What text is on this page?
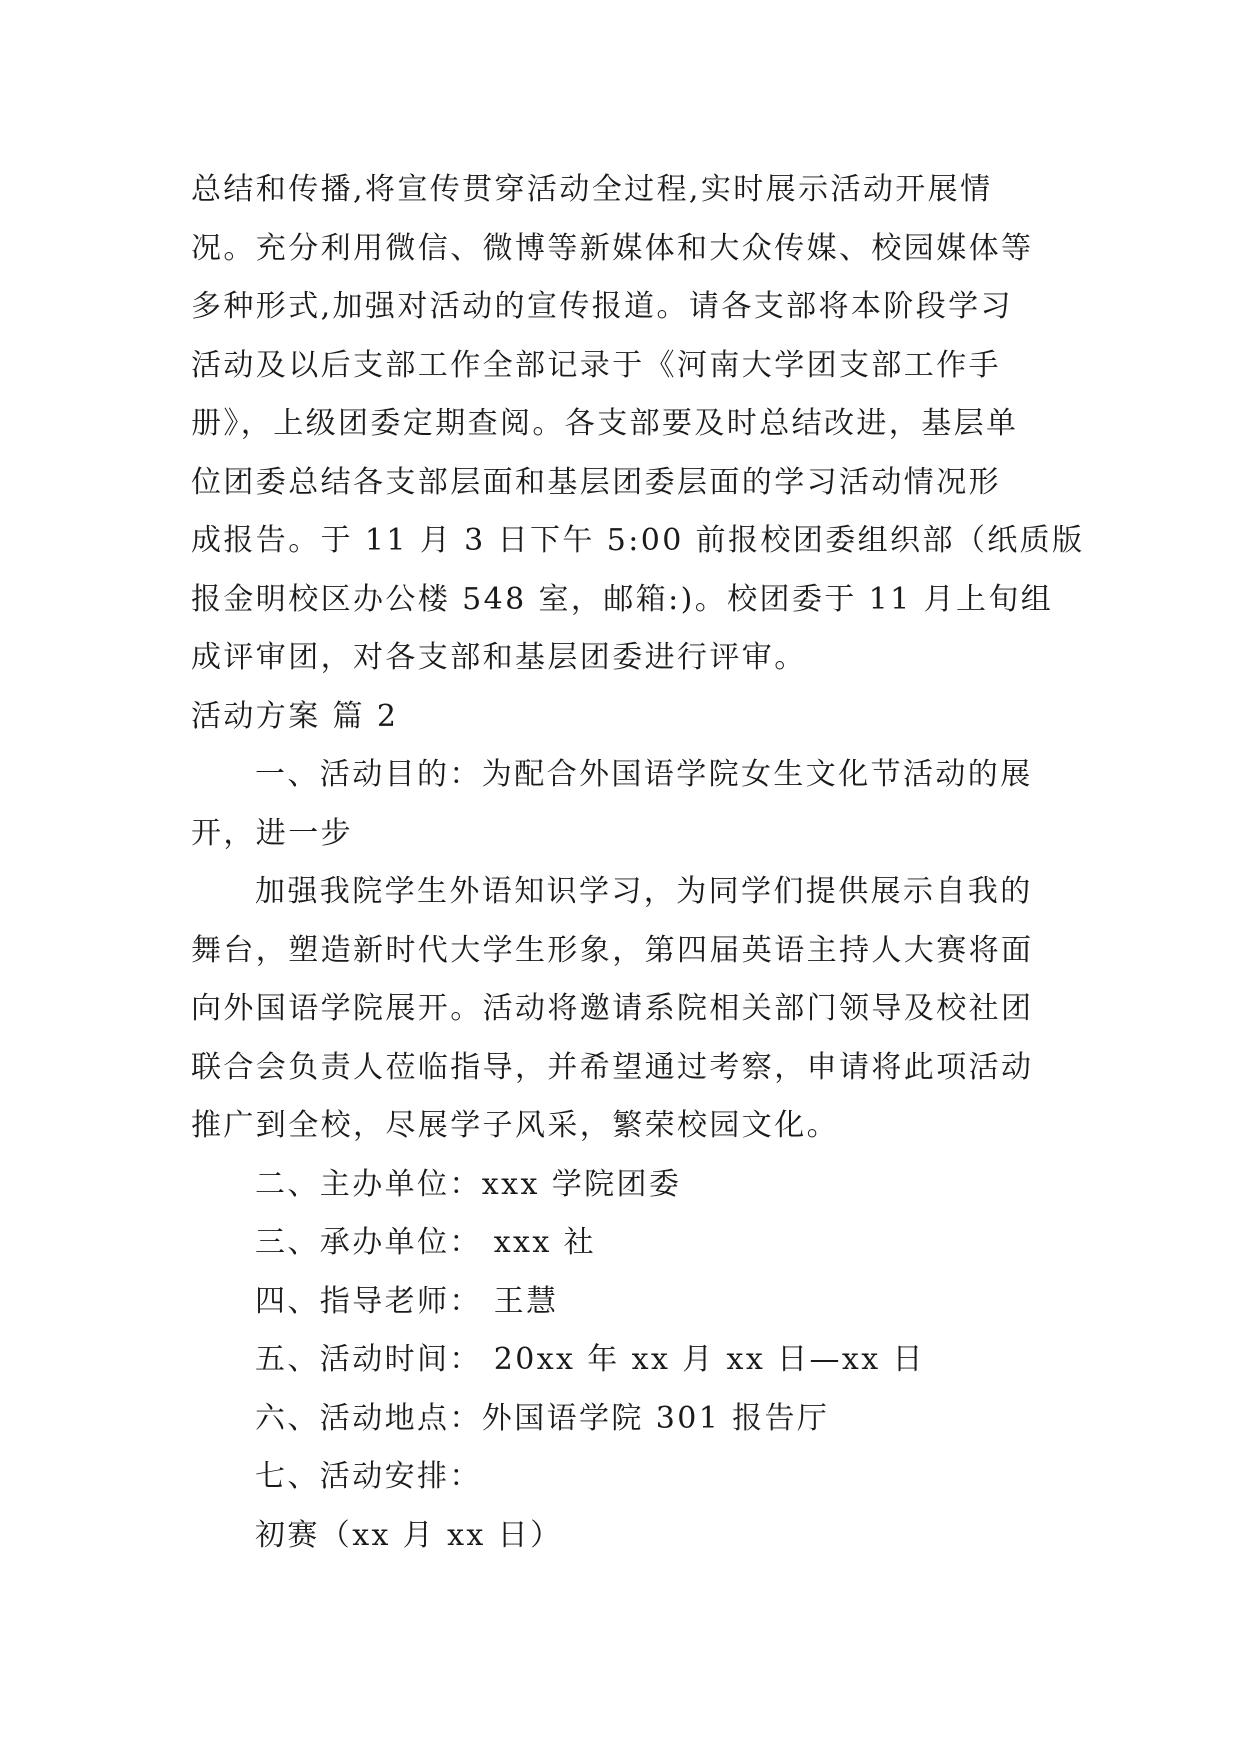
总结和传播,将宣传贯穿活动全过程,实时展示活动开展情
况。充分利用微信、微博等新媒体和大众传媒、校园媒体等
多种形式,加强对活动的宣传报道。请各支部将本阶段学习
活动及以后支部工作全部记录于《河南大学团支部工作手
册》，上级团委定期查阅。各支部要及时总结改进，基层单
位团委总结各支部层面和基层团委层面的学习活动情况形
成报告。于 11 月 3 日下午 5:00 前报校团委组织部（纸质版
报金明校区办公楼 548 室，邮箱:)。校团委于 11 月上旬组
成评审团，对各支部和基层团委进行评审。
活动方案 篇 2
一、活动目的：为配合外国语学院女生文化节活动的展
开，进一步
加强我院学生外语知识学习，为同学们提供展示自我的
舞台，塑造新时代大学生形象，第四届英语主持人大赛将面
向外国语学院展开。活动将邀请系院相关部门领导及校社团
联合会负责人莅临指导，并希望通过考察，申请将此项活动
推广到全校，尽展学子风采，繁荣校园文化。
二、主办单位：xxx 学院团委
三、承办单位： xxx 社
四、指导老师： 王慧
五、活动时间： 20xx 年 xx 月 xx 日—xx 日
六、活动地点：外国语学院 301 报告厅
七、活动安排：
初赛（xx 月 xx 日）
